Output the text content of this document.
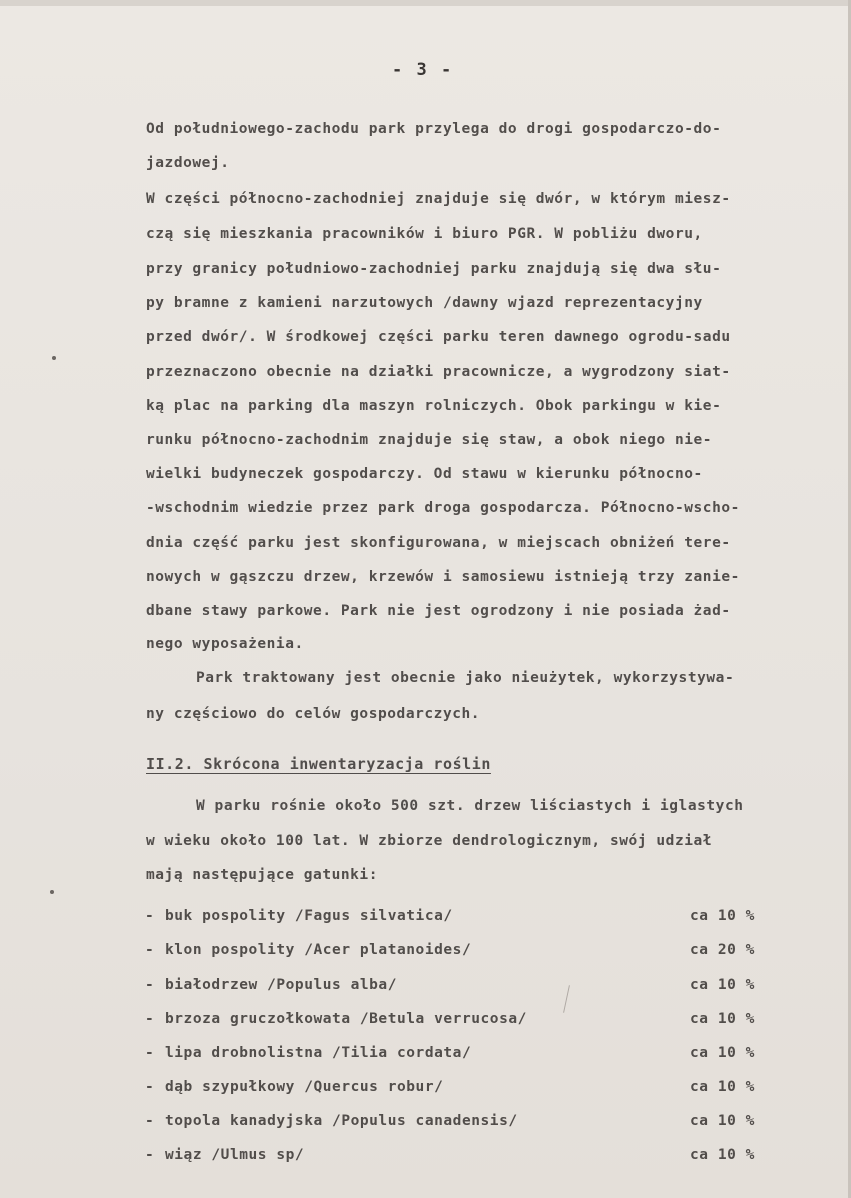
- 3 -
Od południowego-zachodu park przylega do drogi gospodarczo-do-
jazdowej.
W części północno-zachodniej znajduje się dwór, w którym miesz-
czą się mieszkania pracowników i biuro PGR. W pobliżu dworu,
przy granicy południowo-zachodniej parku znajdują się dwa słu-
py bramne z kamieni narzutowych /dawny wjazd reprezentacyjny
przed dwór/. W środkowej części parku teren dawnego ogrodu-sadu
przeznaczono obecnie na działki pracownicze, a wygrodzony siat-
ką plac na parking dla maszyn rolniczych. Obok parkingu w kie-
runku północno-zachodnim znajduje się staw, a obok niego nie-
wielki budyneczek gospodarczy. Od stawu w kierunku północno-
-wschodnim wiedzie przez park droga gospodarcza. Północno-wscho-
dnia część parku jest skonfigurowana, w miejscach obniżeń tere-
nowych w gąszczu drzew, krzewów i samosiewu istnieją trzy zanie-
dbane stawy parkowe. Park nie jest ogrodzony i nie posiada żad-
nego wyposażenia.
Park traktowany jest obecnie jako nieużytek, wykorzystywa-
ny częściowo do celów gospodarczych.
II.2. Skrócona inwentaryzacja roślin
W parku rośnie około 500 szt. drzew liściastych i iglastych
w wieku około 100 lat. W zbiorze dendrologicznym, swój udział
mają następujące gatunki:
- buk pospolity /Fagus silvatica/	ca 10 %
- klon pospolity /Acer platanoides/	ca 20 %
- białodrzew /Populus alba/	ca 10 %
- brzoza gruczołkowata /Betula verrucosa/	ca 10 %
- lipa drobnolistna /Tilia cordata/	ca 10 %
- dąb szypułkowy /Quercus robur/	ca 10 %
- topola kanadyjska /Populus canadensis/	ca 10 %
- wiąz /Ulmus sp/	ca 10 %
